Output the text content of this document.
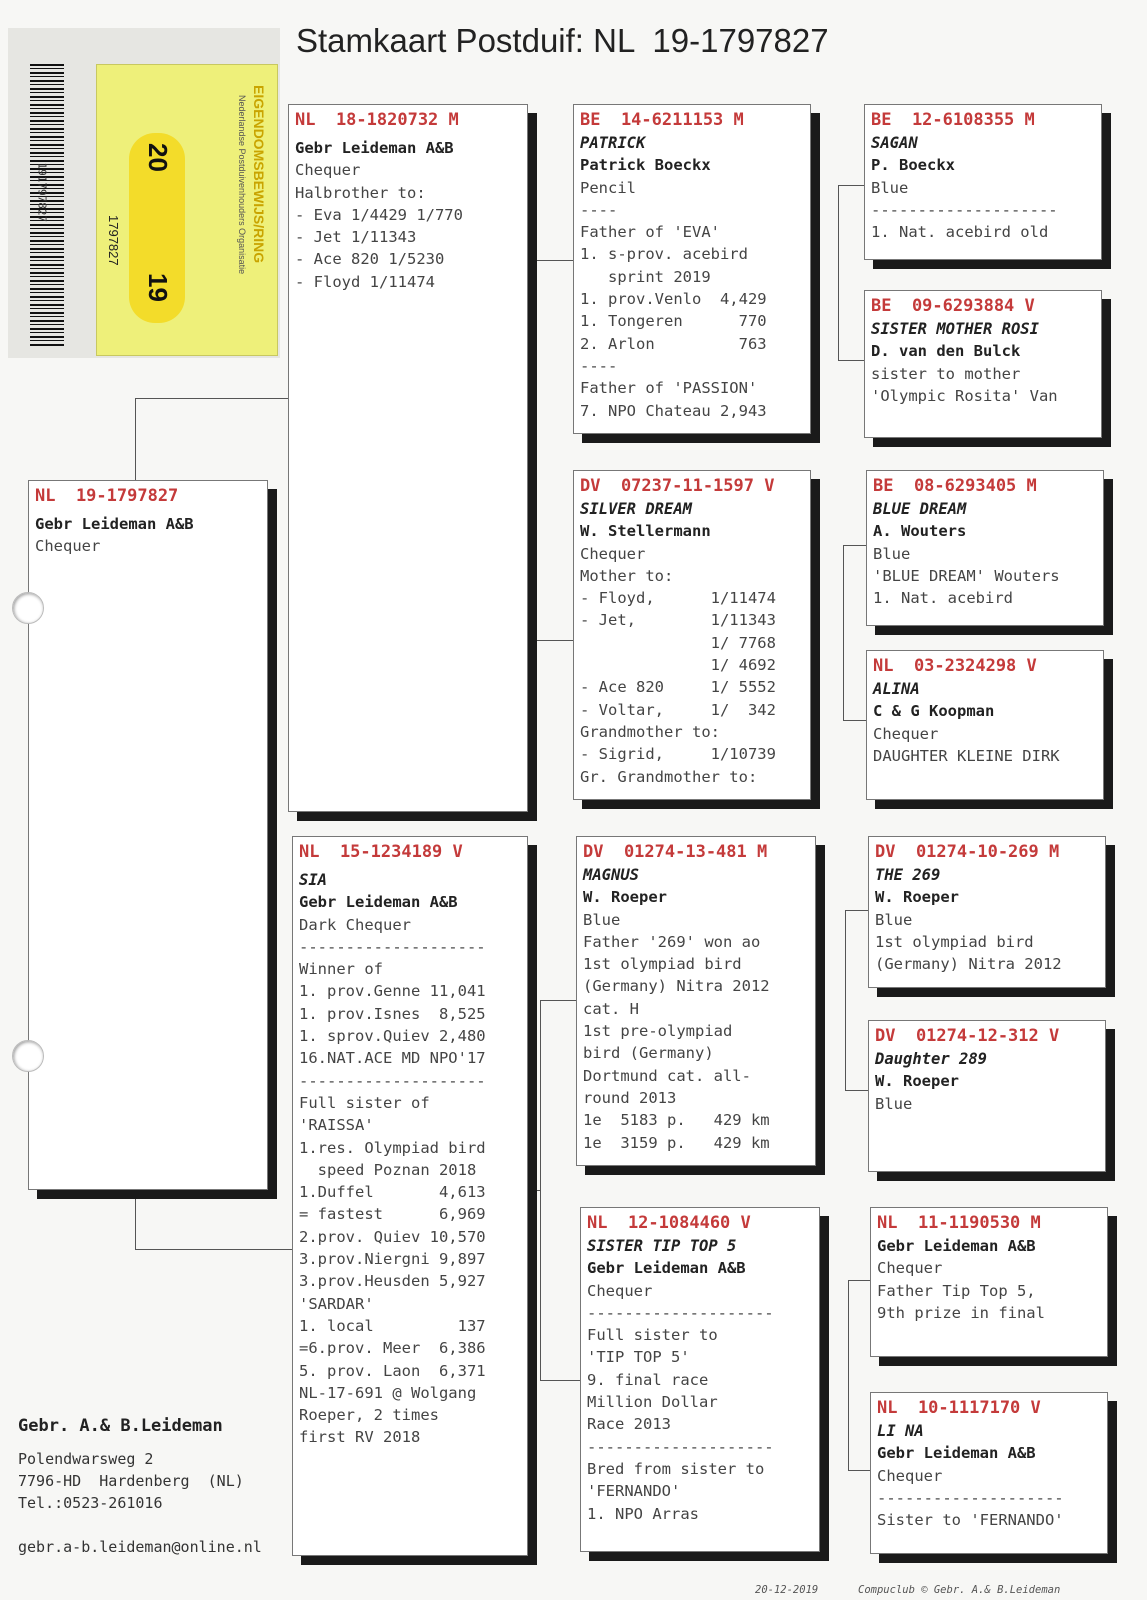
Stamkaart Postduif: NL  19-1797827
191797827	EIGENDOMSBEWIJS/RING
Nederlandse Postduivenhouders Organisatie
20
19
1797827
NL  19-1797827
Gebr Leideman A&B
Chequer
NL  18-1820732 M
Gebr Leideman A&B
Chequer
Halbrother to:
- Eva 1/4429 1/770
- Jet 1/11343
- Ace 820 1/5230
- Floyd 1/11474
NL  15-1234189 V
SIA
Gebr Leideman A&B
Dark Chequer
--------------------
Winner of
1. prov.Genne 11,041
1. prov.Isnes  8,525
1. sprov.Quiev 2,480
16.NAT.ACE MD NPO'17
--------------------
Full sister of
'RAISSA'
1.res. Olympiad bird
speed Poznan 2018
1.Duffel       4,613
= fastest      6,969
2.prov. Quiev 10,570
3.prov.Niergni 9,897
3.prov.Heusden 5,927
'SARDAR'
1. local         137
=6.prov. Meer  6,386
5. prov. Laon  6,371
NL-17-691 @ Wolgang
Roeper, 2 times
first RV 2018
BE  14-6211153 M
PATRICK
Patrick Boeckx
Pencil
----
Father of 'EVA'
1. s-prov. acebird
sprint 2019
1. prov.Venlo  4,429
1. Tongeren      770
2. Arlon         763
----
Father of 'PASSION'
7. NPO Chateau 2,943
DV  07237-11-1597 V
SILVER DREAM
W. Stellermann
Chequer
Mother to:
- Floyd,      1/11474
- Jet,        1/11343
1/ 7768
1/ 4692
- Ace 820     1/ 5552
- Voltar,     1/  342
Grandmother to:
- Sigrid,     1/10739
Gr. Grandmother to:
DV  01274-13-481 M
MAGNUS
W. Roeper
Blue
Father '269' won ao
1st olympiad bird
(Germany) Nitra 2012
cat. H
1st pre-olympiad
bird (Germany)
Dortmund cat. all-
round 2013
1e  5183 p.   429 km
1e  3159 p.   429 km
NL  12-1084460 V
SISTER TIP TOP 5
Gebr Leideman A&B
Chequer
--------------------
Full sister to
'TIP TOP 5'
9. final race
Million Dollar
Race 2013
--------------------
Bred from sister to
'FERNANDO'
1. NPO Arras
BE  12-6108355 M
SAGAN
P. Boeckx
Blue
--------------------
1. Nat. acebird old
BE  09-6293884 V
SISTER MOTHER ROSI
D. van den Bulck
sister to mother
'Olympic Rosita' Van
BE  08-6293405 M
BLUE DREAM
A. Wouters
Blue
'BLUE DREAM' Wouters
1. Nat. acebird
NL  03-2324298 V
ALINA
C & G Koopman
Chequer
DAUGHTER KLEINE DIRK
DV  01274-10-269 M
THE 269
W. Roeper
Blue
1st olympiad bird
(Germany) Nitra 2012
DV  01274-12-312 V
Daughter 289
W. Roeper
Blue
NL  11-1190530 M
Gebr Leideman A&B
Chequer
Father Tip Top 5,
9th prize in final
NL  10-1117170 V
LI NA
Gebr Leideman A&B
Chequer
--------------------
Sister to 'FERNANDO'
Gebr. A.& B.Leideman
Polendwarsweg 2
7796-HD  Hardenberg  (NL)
Tel.:0523-261016
gebr.a-b.leideman@online.nl
20-12-2019	Compuclub © Gebr. A.& B.Leideman
